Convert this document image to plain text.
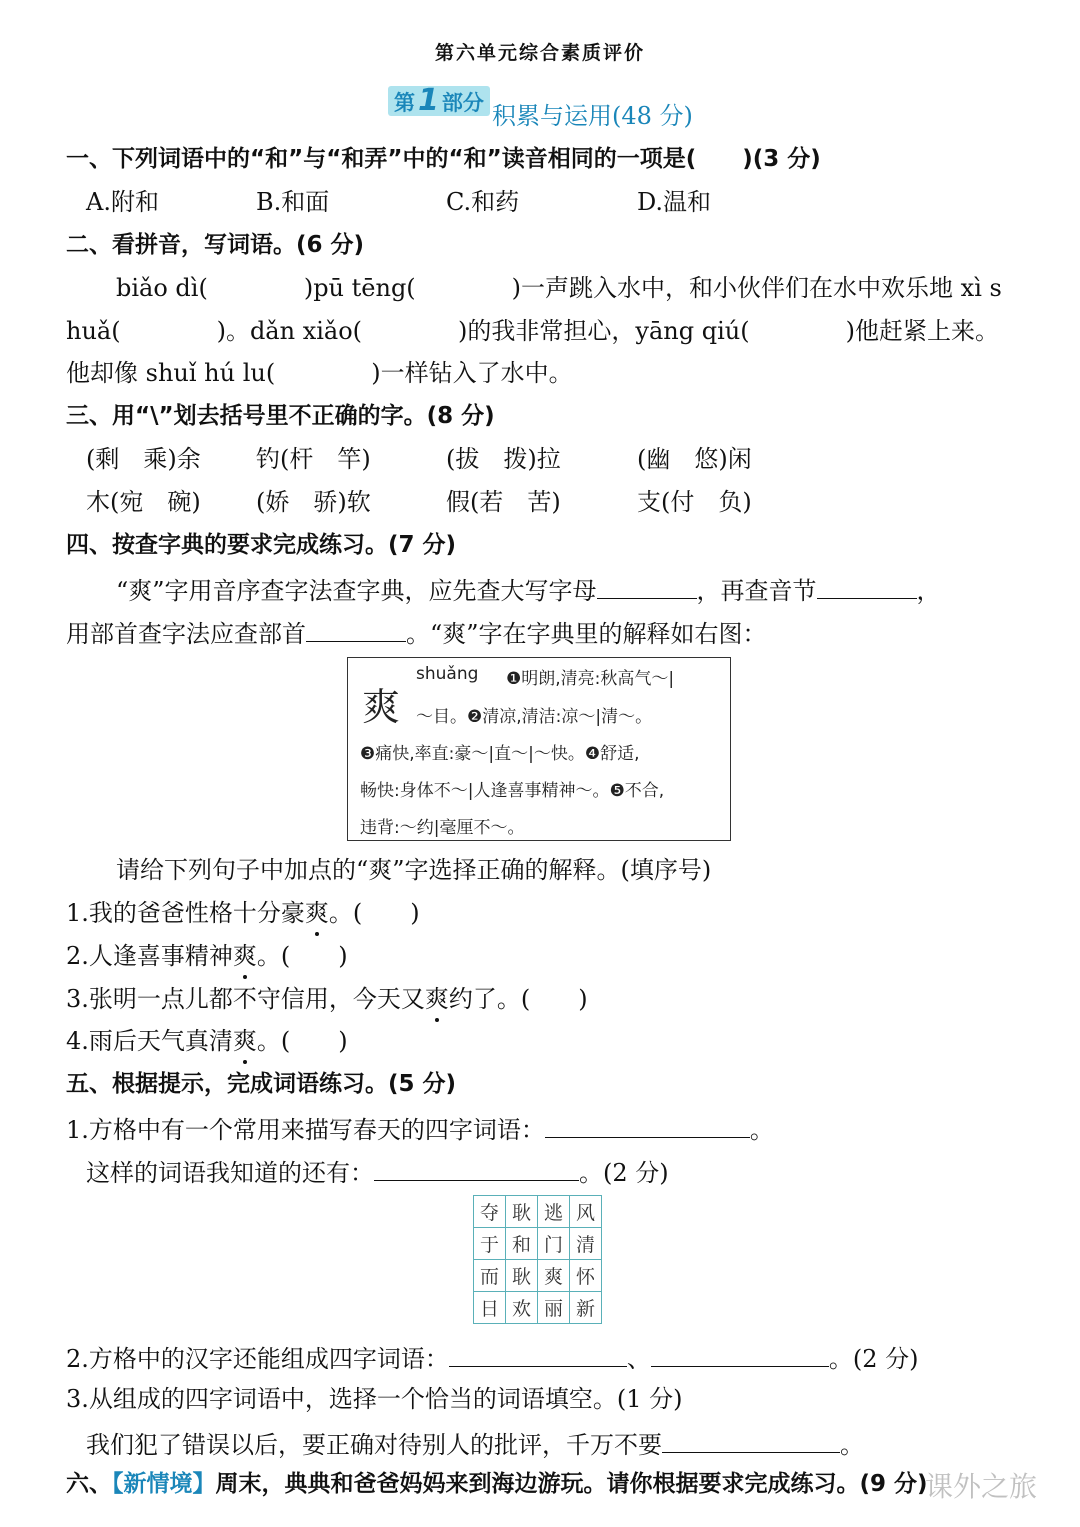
第六单元综合素质评价
第 1 部分 积累与运用(48 分)
一、下列词语中的“和”与“和弄”中的“和”读音相同的一项是(　　)(3 分)
A.附和	B.和面	C.和药	D.温和
二、看拼音，写词语。(6 分)
biǎo dì(　　　　)pū tēng(　　　　)一声跳入水中，和小伙伴们在水中欢乐地 xì s
huǎ(　　　　)。dǎn xiǎo(　　　　)的我非常担心，yāng qiú(　　　　)他赶紧上来。
他却像 shuǐ hú lu(　　　　)一样钻入了水中。
三、用“\”划去括号里不正确的字。(8 分)
(剩　乘)余 钓(杆　竿)	(拔　拨)拉	(幽　悠)闲
木(宛　碗) (娇　骄)软	假(若　苦)	支(付　负)
四、按查字典的要求完成练习。(7 分)
“爽”字用音序查字法查字典，应先查大写字母	，再查音节	，
用部首查字法应查部首	。“爽”字在字典里的解释如右图：
爽
shuǎng ❶明朗,清亮:秋高气～|
～目。❷清凉,清洁:凉～|清～。
❸痛快,率直:豪～|直～|～快。❹舒适,
畅快:身体不～|人逢喜事精神～。❺不合,
违背:～约|毫厘不～。
请给下列句子中加点的“爽”字选择正确的解释。(填序号)
1.我的爸爸性格十分豪爽。(　　)
2.人逢喜事精神爽。(　　)
3.张明一点儿都不守信用，今天又爽约了。(　　)
4.雨后天气真清爽。(　　)
五、根据提示，完成词语练习。(5 分)
1.方格中有一个常用来描写春天的四字词语：	。
这样的词语我知道的还有：	。(2 分)
夺	耿	逃	风
于	和	门	清
而	耿	爽	怀
日	欢	丽	新
2.方格中的汉字还能组成四字词语：	、	。(2 分)
3.从组成的四字词语中，选择一个恰当的词语填空。(1 分)
我们犯了错误以后，要正确对待别人的批评，千万不要	。
六、【新情境】周末，典典和爸爸妈妈来到海边游玩。请你根据要求完成练习。(9 分)
课外之旅
